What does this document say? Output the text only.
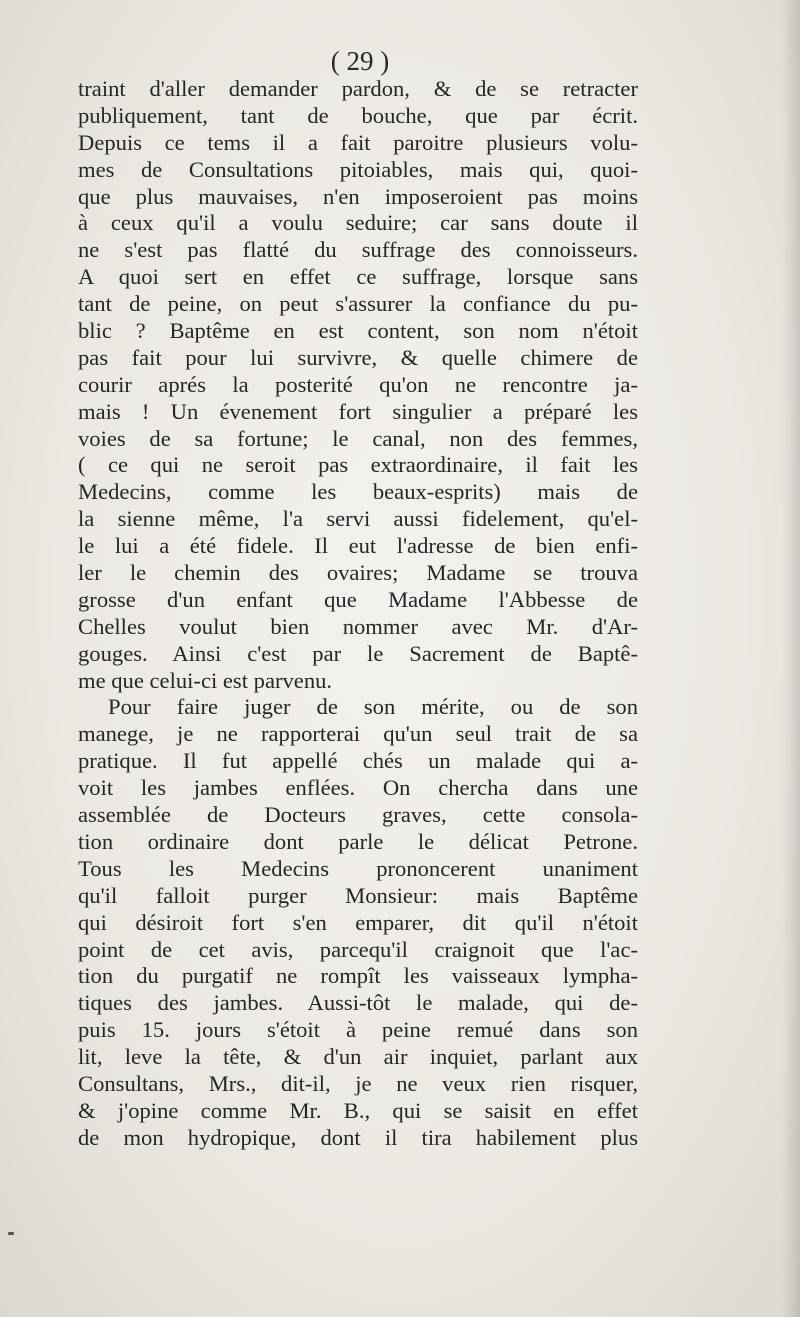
( 29 )
traint d'aller demander pardon, & de se retracter
publiquement, tant de bouche, que par écrit.
Depuis ce tems il a fait paroitre plusieurs volu-
mes de Consultations pitoiables, mais qui, quoi-
que plus mauvaises, n'en imposeroient pas moins
à ceux qu'il a voulu seduire; car sans doute il
ne s'est pas flatté du suffrage des connoisseurs.
A quoi sert en effet ce suffrage, lorsque sans
tant de peine, on peut s'assurer la confiance du pu-
blic ? Baptême en est content, son nom n'étoit
pas fait pour lui survivre, & quelle chimere de
courir aprés la posterité qu'on ne rencontre ja-
mais ! Un évenement fort singulier a préparé les
voies de sa fortune; le canal, non des femmes,
( ce qui ne seroit pas extraordinaire, il fait les
Medecins, comme les beaux-esprits) mais de
la sienne même, l'a servi aussi fidelement, qu'el-
le lui a été fidele. Il eut l'adresse de bien enfi-
ler le chemin des ovaires; Madame se trouva
grosse d'un enfant que Madame l'Abbesse de
Chelles voulut bien nommer avec Mr. d'Ar-
gouges. Ainsi c'est par le Sacrement de Baptê-
me que celui-ci est parvenu.
Pour faire juger de son mérite, ou de son
manege, je ne rapporterai qu'un seul trait de sa
pratique. Il fut appellé chés un malade qui a-
voit les jambes enflées. On chercha dans une
assemblée de Docteurs graves, cette consola-
tion ordinaire dont parle le délicat Petrone.
Tous les Medecins prononcerent unaniment
qu'il falloit purger Monsieur: mais Baptême
qui désiroit fort s'en emparer, dit qu'il n'étoit
point de cet avis, parcequ'il craignoit que l'ac-
tion du purgatif ne rompît les vaisseaux lympha-
tiques des jambes. Aussi-tôt le malade, qui de-
puis 15. jours s'étoit à peine remué dans son
lit, leve la tête, & d'un air inquiet, parlant aux
Consultans, Mrs., dit-il, je ne veux rien risquer,
& j'opine comme Mr. B., qui se saisit en effet
de mon hydropique, dont il tira habilement plus
